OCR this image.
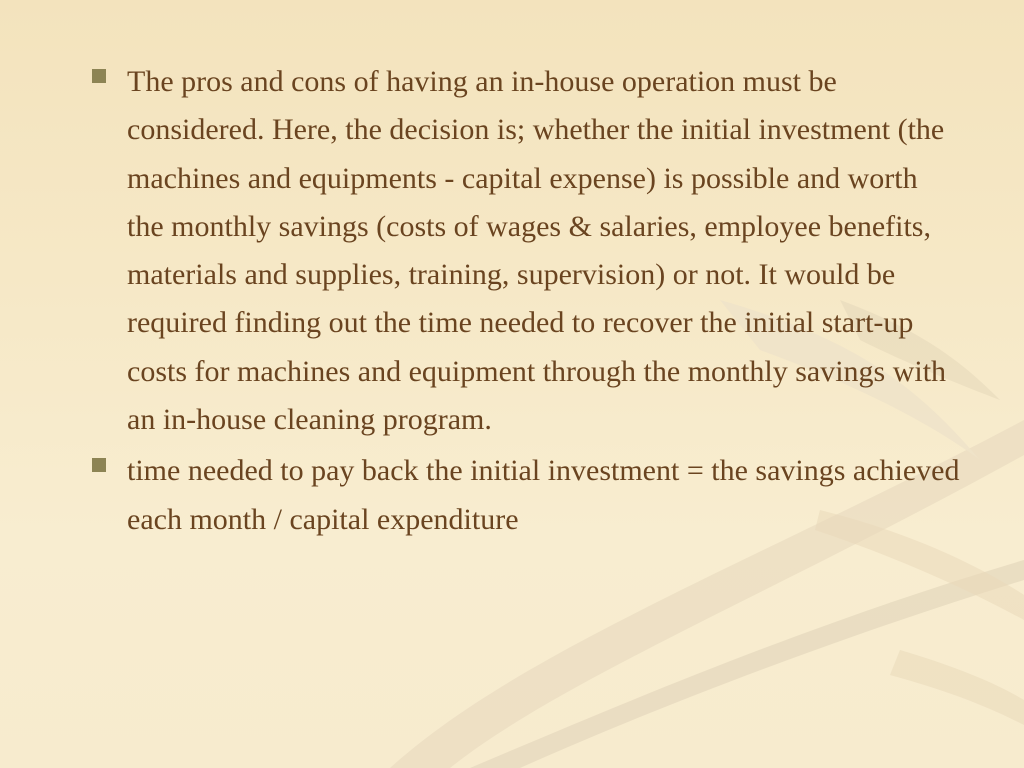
The pros and cons of having an in-house operation must be considered. Here, the decision is; whether the initial investment (the machines and equipments - capital expense) is possible and worth the monthly savings (costs of wages & salaries, employee benefits, materials and supplies, training, supervision) or not. It would be required finding out the time needed to recover the initial start-up costs for machines and equipment through the monthly savings with an in-house cleaning program.
time needed to pay back the initial investment = the savings achieved each month / capital expenditure
